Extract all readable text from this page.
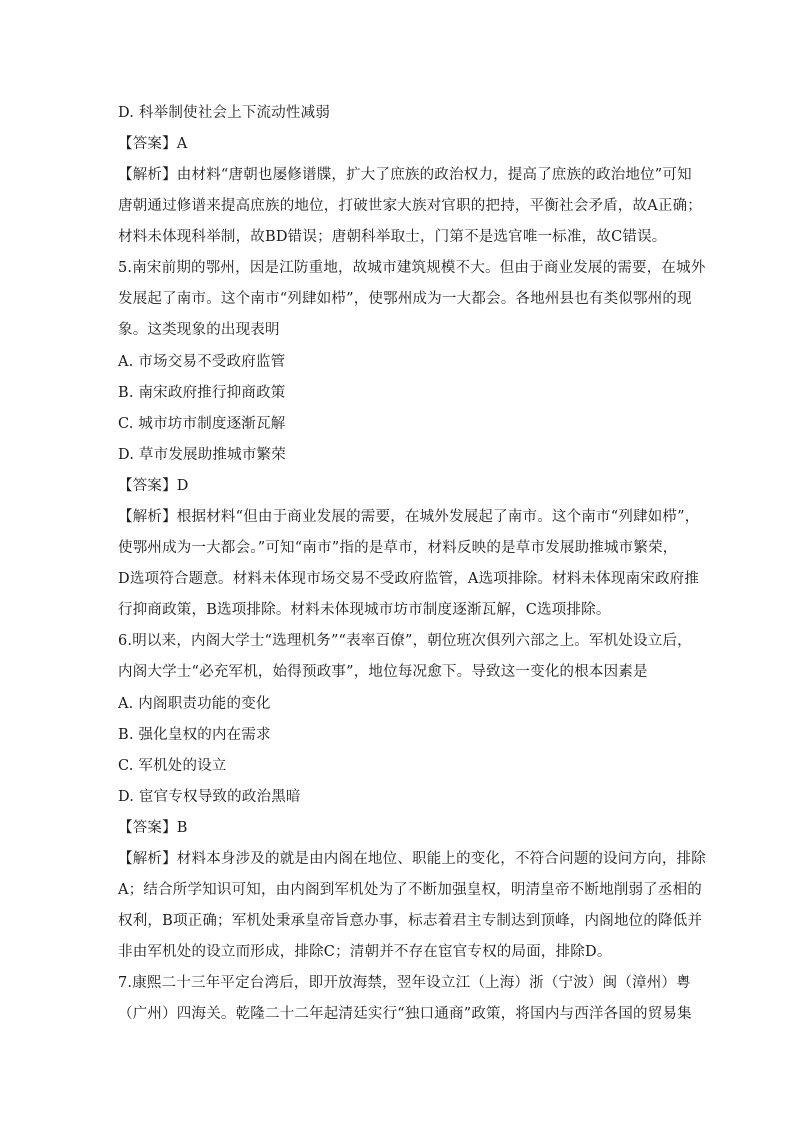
D. 科举制使社会上下流动性减弱
【答案】A
【解析】由材料“唐朝也屡修谱牒，扩大了庶族的政治权力，提高了庶族的政治地位”可知
唐朝通过修谱来提高庶族的地位，打破世家大族对官职的把持，平衡社会矛盾，故A正确；
材料未体现科举制，故BD错误；唐朝科举取士，门第不是选官唯一标准，故C错误。
5.南宋前期的鄂州，因是江防重地，故城市建筑规模不大。但由于商业发展的需要，在城外
发展起了南市。这个南市“列肆如栉”，使鄂州成为一大都会。各地州县也有类似鄂州的现
象。这类现象的出现表明
A. 市场交易不受政府监管
B. 南宋政府推行抑商政策
C. 城市坊市制度逐渐瓦解
D. 草市发展助推城市繁荣
【答案】D
【解析】根据材料“但由于商业发展的需要，在城外发展起了南市。这个南市“列肆如栉”，
使鄂州成为一大都会。”可知“南市”指的是草市，材料反映的是草市发展助推城市繁荣，
D选项符合题意。材料未体现市场交易不受政府监管，A选项排除。材料未体现南宋政府推
行抑商政策，B选项排除。材料未体现城市坊市制度逐渐瓦解，C选项排除。
6.明以来，内阁大学士“选理机务”“表率百僚”，朝位班次俱列六部之上。军机处设立后，
内阁大学士“必充军机，始得预政事”，地位每况愈下。导致这一变化的根本因素是
A. 内阁职责功能的变化
B. 强化皇权的内在需求
C. 军机处的设立
D. 宦官专权导致的政治黑暗
【答案】B
【解析】材料本身涉及的就是由内阁在地位、职能上的变化，不符合问题的设问方向，排除
A；结合所学知识可知，由内阁到军机处为了不断加强皇权，明清皇帝不断地削弱了丞相的
权利，B项正确；军机处秉承皇帝旨意办事，标志着君主专制达到顶峰，内阁地位的降低并
非由军机处的设立而形成，排除C；清朝并不存在宦官专权的局面，排除D。
7.康熙二十三年平定台湾后，即开放海禁，翌年设立江（上海）浙（宁波）闽（漳州）粤
（广州）四海关。乾隆二十二年起清廷实行“独口通商”政策，将国内与西洋各国的贸易集
